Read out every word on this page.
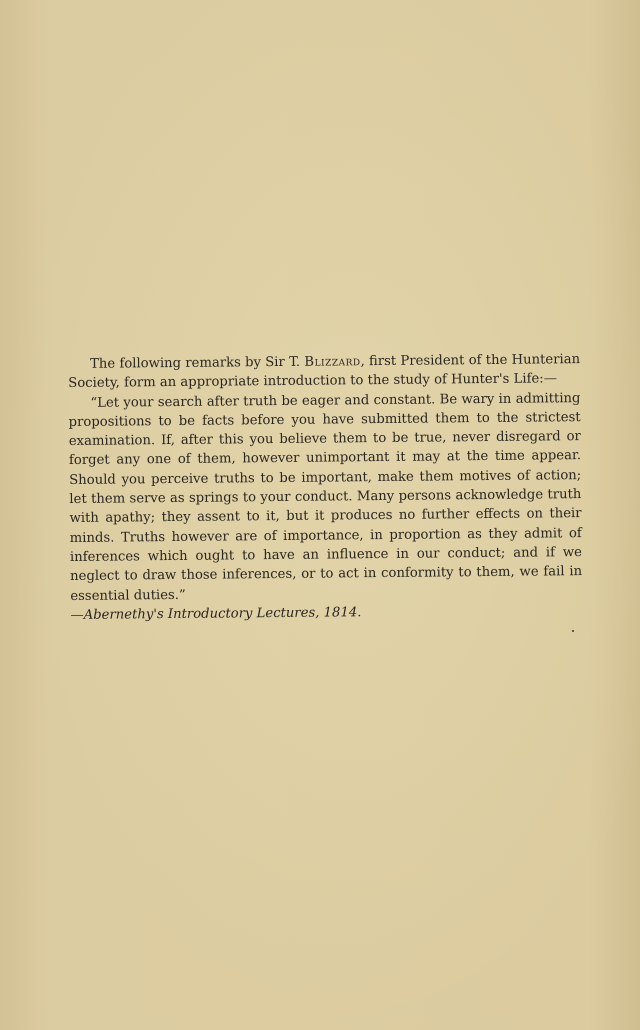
The following remarks by Sir T. Blizzard, first President of the Hunterian Society, form an appropriate introduction to the study of Hunter's Life:—

“Let your search after truth be eager and constant. Be wary in admitting propositions to be facts before you have submitted them to the strictest examination. If, after this you believe them to be true, never disregard or forget any one of them, however unimportant it may at the time appear. Should you perceive truths to be important, make them motives of action; let them serve as springs to your conduct. Many persons acknowledge truth with apathy; they assent to it, but it produces no further effects on their minds. Truths however are of importance, in proportion as they admit of inferences which ought to have an influence in our conduct; and if we neglect to draw those inferences, or to act in conformity to them, we fail in essential duties.”

—Abernethy's Introductory Lectures, 1814.
